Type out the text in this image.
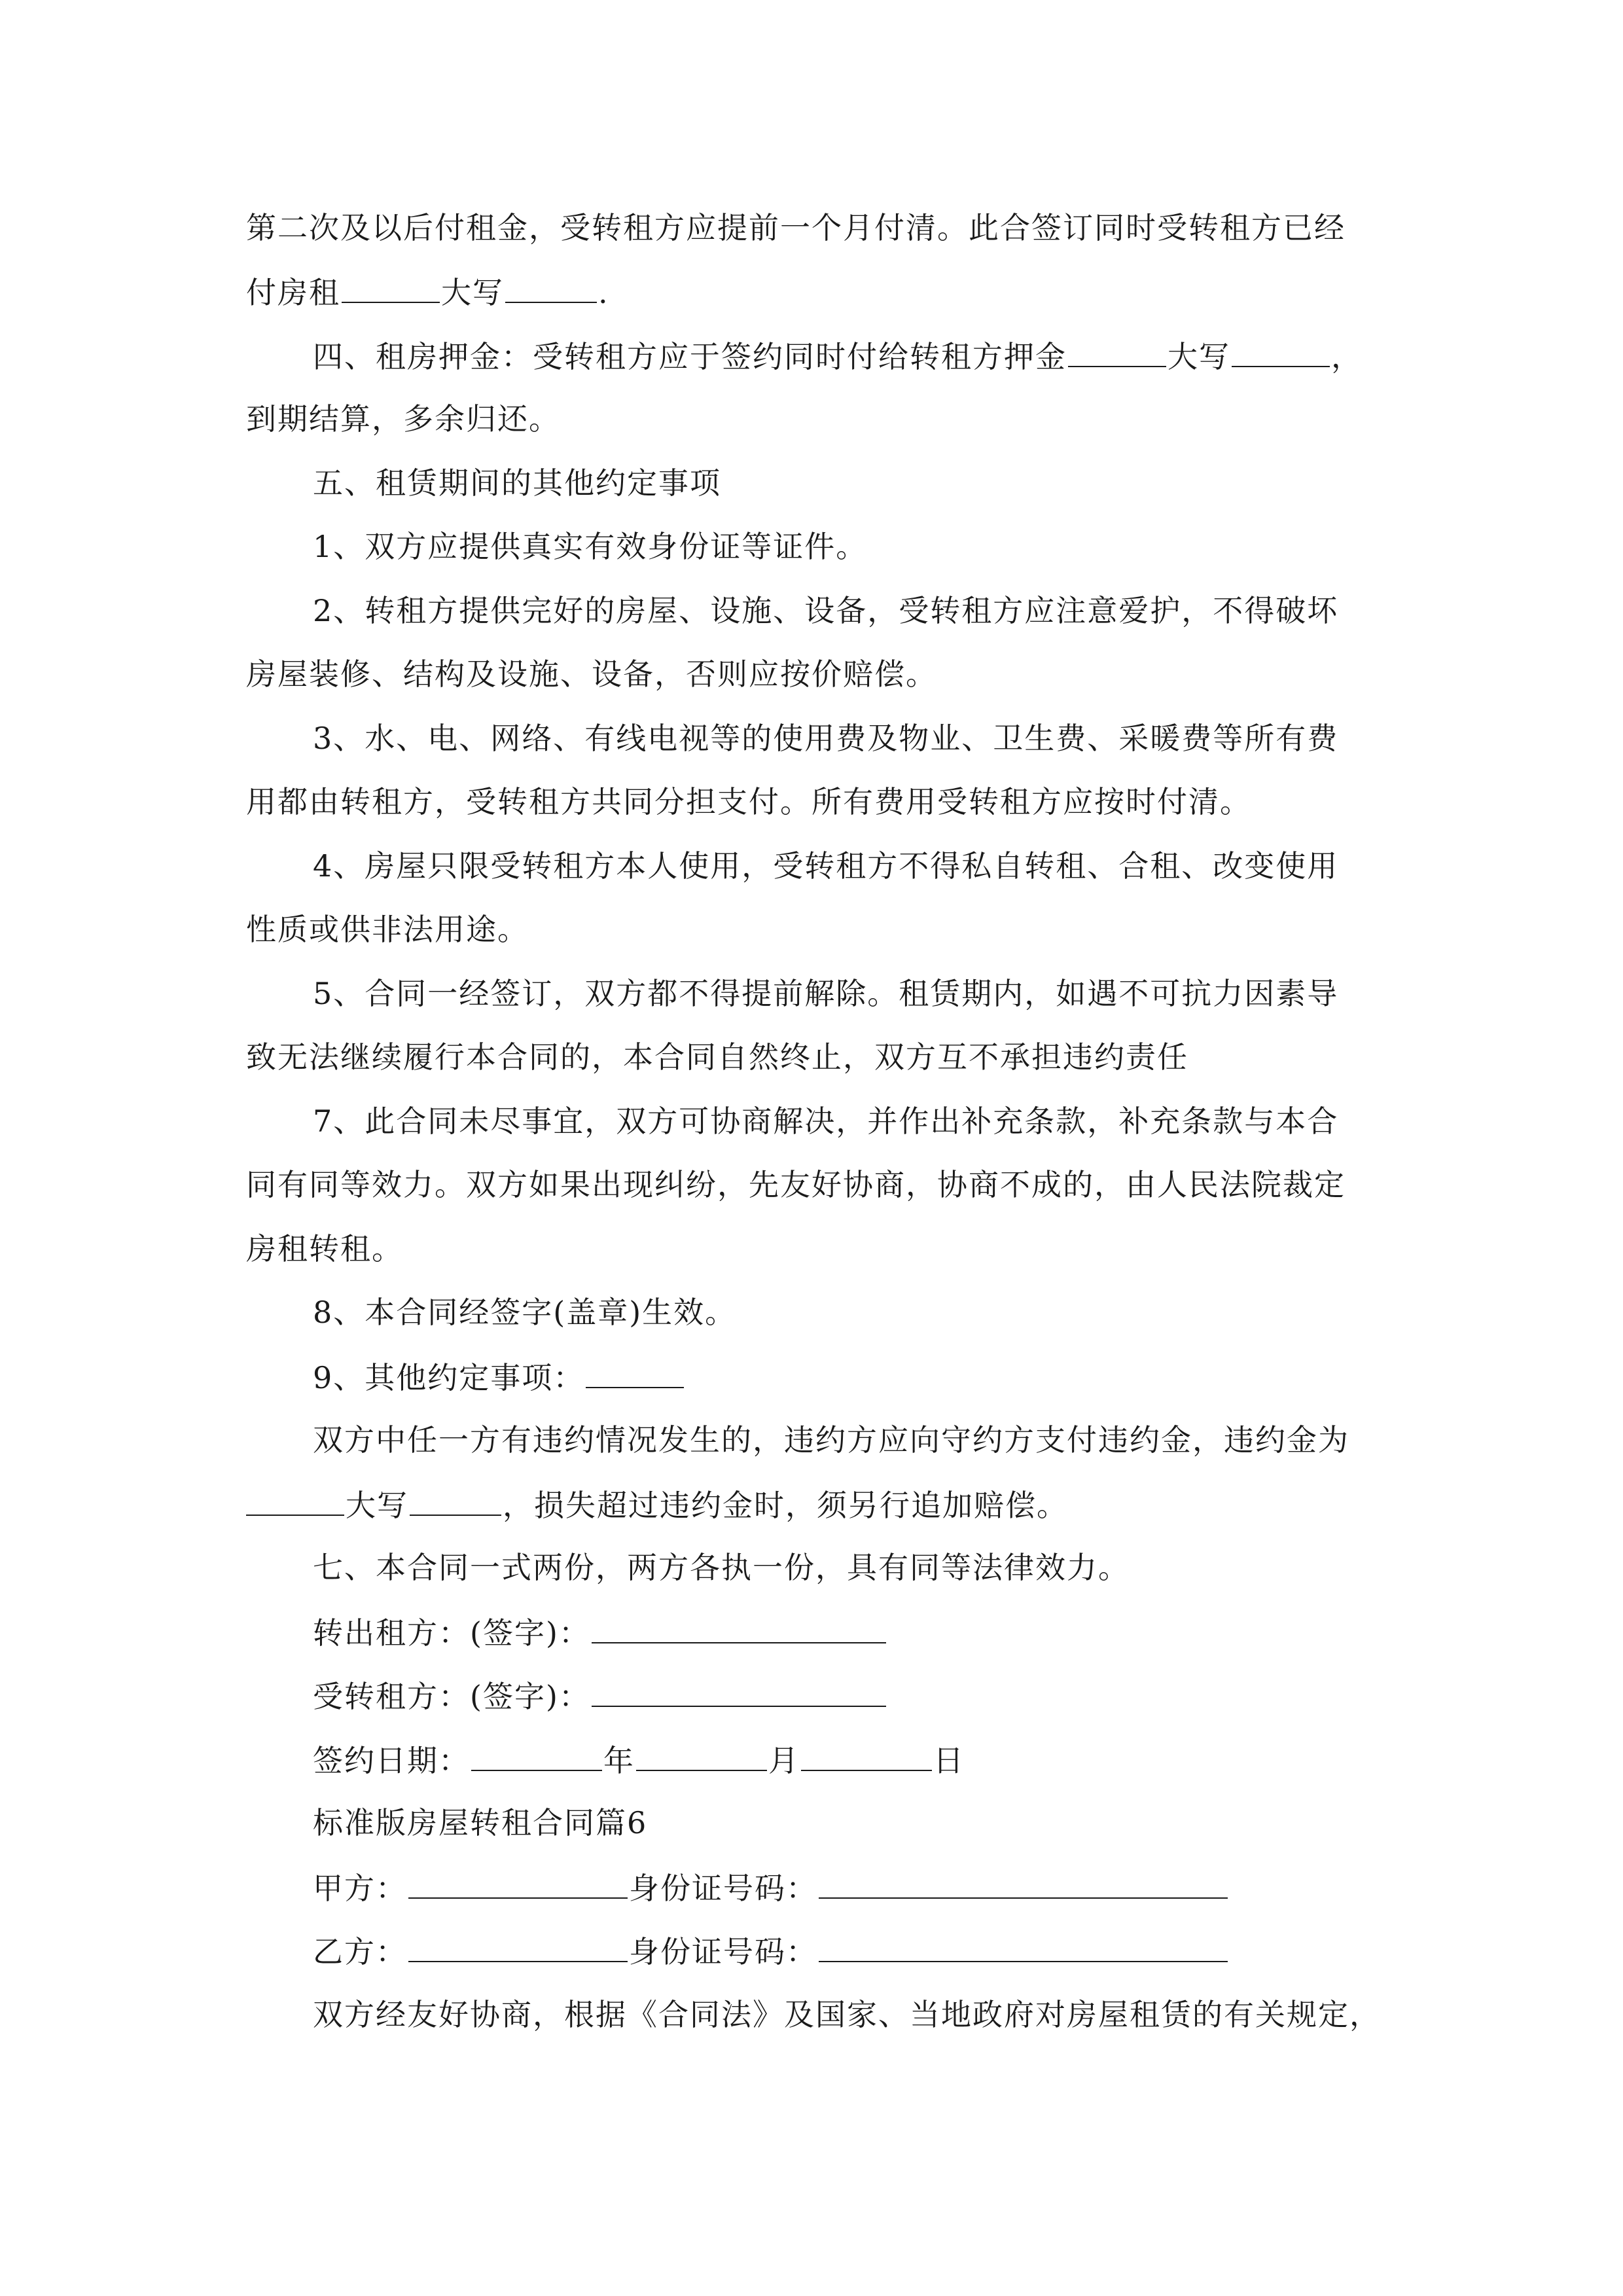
第二次及以后付租金，受转租方应提前一个月付清。此合签订同时受转租方已经
付房租	大写	.
四、租房押金：受转租方应于签约同时付给转租方押金	大写	，
到期结算，多余归还。
五、租赁期间的其他约定事项
1、双方应提供真实有效身份证等证件。
2、转租方提供完好的房屋、设施、设备，受转租方应注意爱护，不得破坏
房屋装修、结构及设施、设备，否则应按价赔偿。
3、水、电、网络、有线电视等的使用费及物业、卫生费、采暖费等所有费
用都由转租方，受转租方共同分担支付。所有费用受转租方应按时付清。
4、房屋只限受转租方本人使用，受转租方不得私自转租、合租、改变使用
性质或供非法用途。
5、合同一经签订，双方都不得提前解除。租赁期内，如遇不可抗力因素导
致无法继续履行本合同的，本合同自然终止，双方互不承担违约责任
7、此合同未尽事宜，双方可协商解决，并作出补充条款，补充条款与本合
同有同等效力。双方如果出现纠纷，先友好协商，协商不成的，由人民法院裁定
房租转租。
8、本合同经签字(盖章)生效。
9、其他约定事项：
双方中任一方有违约情况发生的，违约方应向守约方支付违约金，违约金为
大写	，损失超过违约金时，须另行追加赔偿。
七、本合同一式两份，两方各执一份，具有同等法律效力。
转出租方：(签字)：
受转租方：(签字)：
签约日期：	年	月	日
标准版房屋转租合同篇6
甲方：	身份证号码：
乙方：	身份证号码：
双方经友好协商，根据《合同法》及国家、当地政府对房屋租赁的有关规定，
